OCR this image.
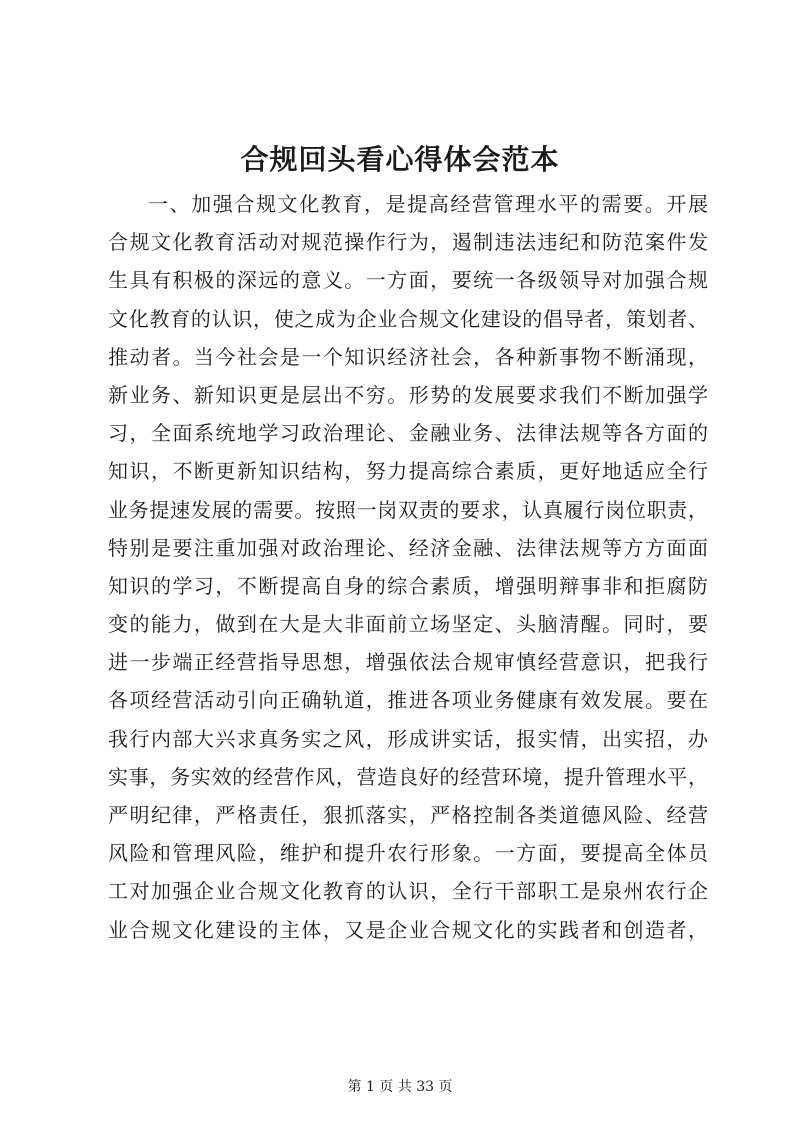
合规回头看心得体会范本
一、加强合规文化教育，是提高经营管理水平的需要。开展
合规文化教育活动对规范操作行为，遏制违法违纪和防范案件发
生具有积极的深远的意义。一方面，要统一各级领导对加强合规
文化教育的认识，使之成为企业合规文化建设的倡导者，策划者、
推动者。当今社会是一个知识经济社会，各种新事物不断涌现，
新业务、新知识更是层出不穷。形势的发展要求我们不断加强学
习，全面系统地学习政治理论、金融业务、法律法规等各方面的
知识，不断更新知识结构，努力提高综合素质，更好地适应全行
业务提速发展的需要。按照一岗双责的要求，认真履行岗位职责，
特别是要注重加强对政治理论、经济金融、法律法规等方方面面
知识的学习，不断提高自身的综合素质，增强明辩事非和拒腐防
变的能力，做到在大是大非面前立场坚定、头脑清醒。同时，要
进一步端正经营指导思想，增强依法合规审慎经营意识，把我行
各项经营活动引向正确轨道，推进各项业务健康有效发展。要在
我行内部大兴求真务实之风，形成讲实话，报实情，出实招，办
实事，务实效的经营作风，营造良好的经营环境，提升管理水平，
严明纪律，严格责任，狠抓落实，严格控制各类道德风险、经营
风险和管理风险，维护和提升农行形象。一方面，要提高全体员
工对加强企业合规文化教育的认识，全行干部职工是泉州农行企
业合规文化建设的主体，又是企业合规文化的实践者和创造者，
第 1 页 共 33 页
